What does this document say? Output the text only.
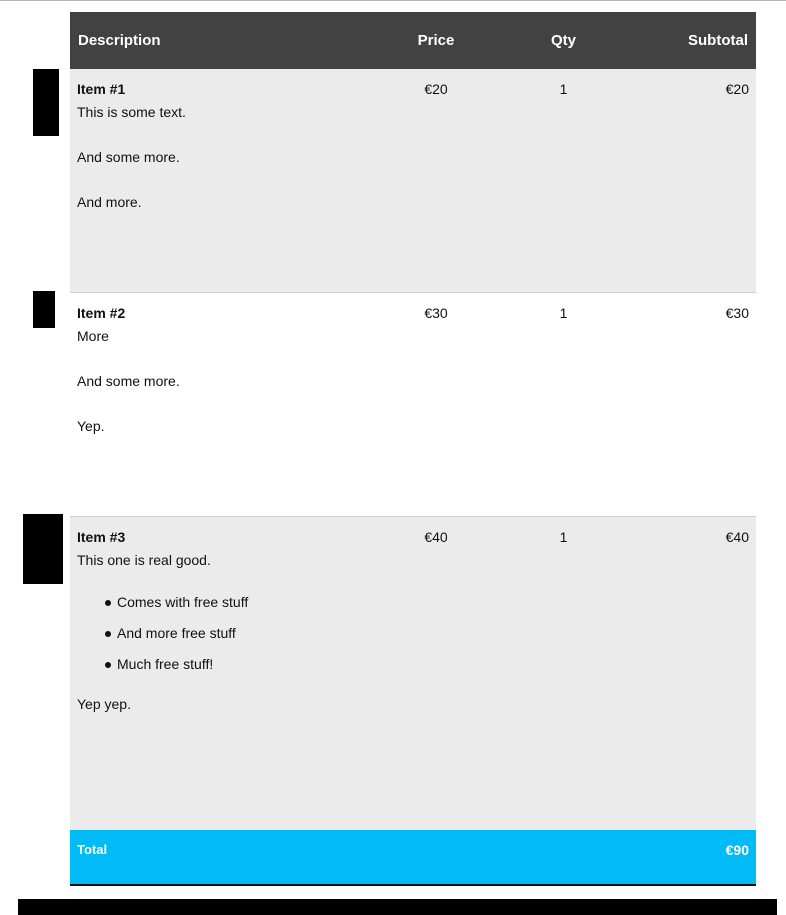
Description	Price	Qty	Subtotal
Item #1
This is some text.
And some more.
And more.
€20	1	€20
Item #2
More
And some more.
Yep.
€30	1	€30
Item #3
This one is real good.
Comes with free stuff
And more free stuff
Much free stuff!
Yep yep.
€40	1	€40
Total	€90
